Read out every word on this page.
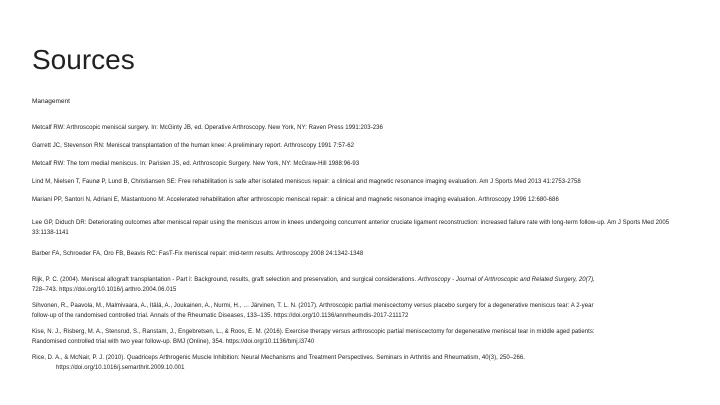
Sources
Management
Metcalf RW: Arthroscopic meniscal surgery. In: McGinty JB, ed. Operative Arthroscopy. New York, NY: Raven Press 1991:203-236
Garrett JC, Stevenson RN: Meniscal transplantation of the human knee: A preliminary report. Arthroscopy 1991 7:57-62
Metcalf RW: The torn medial meniscus. In: Parisien JS, ed. Arthroscopic Surgery. New York, NY: McGraw-Hill 1988:96-93
Lind M, Nielsen T, Faunø P, Lund B, Christiansen SE: Free rehabilitation is safe after isolated meniscus repair: a clinical and magnetic resonance imaging evaluation. Am J Sports Med 2013 41:2753-2758
Mariani PP, Santori N, Adriani E, Mastantuono M: Accelerated rehabilitation after arthroscopic meniscal repair: a clinical and magnetic resonance imaging evaluation. Arthroscopy 1996 12:680-686
Lee GP, Diduch DR: Deteriorating outcomes after meniscal repair using the meniscus arrow in knees undergoing concurrent anterior cruciate ligament reconstruction: increased failure rate with long-term follow-up. Am J Sports Med 2005 33:1138-1141
Barber FA, Schroeder FA, Oro FB, Beavis RC: FasT-Fix meniscal repair: mid-term results. Arthroscopy 2008 24:1342-1348
Rijk, P. C. (2004). Meniscal allograft transplantation - Part I: Background, results, graft selection and preservation, and surgical considerations. Arthroscopy - Journal of Arthroscopic and Related Surgery, 20(7),
728–743. https://doi.org/10.1016/j.arthro.2004.06.015
Sihvonen, R., Paavola, M., Malmivaara, A., Itälä, A., Joukainen, A., Nurmi, H., … Järvinen, T. L. N. (2017). Arthroscopic partial meniscectomy versus placebo surgery for a degenerative meniscus tear: A 2-year
follow-up of the randomised controlled trial. Annals of the Rheumatic Diseases, 133–135. https://doi.org/10.1136/annrheumdis-2017-211172
Kise, N. J., Risberg, M. A., Stensrud, S., Ranstam, J., Engebretsen, L., & Roos, E. M. (2016). Exercise therapy versus arthroscopic partial meniscectomy for degenerative meniscal tear in middle aged patients:
Randomised controlled trial with two year follow-up. BMJ (Online), 354. https://doi.org/10.1136/bmj.i3740
Rice, D. A., & McNair, P. J. (2010). Quadriceps Arthrogenic Muscle Inhibition: Neural Mechanisms and Treatment Perspectives. Seminars in Arthritis and Rheumatism, 40(3), 250–266.
https://doi.org/10.1016/j.semarthrit.2009.10.001
